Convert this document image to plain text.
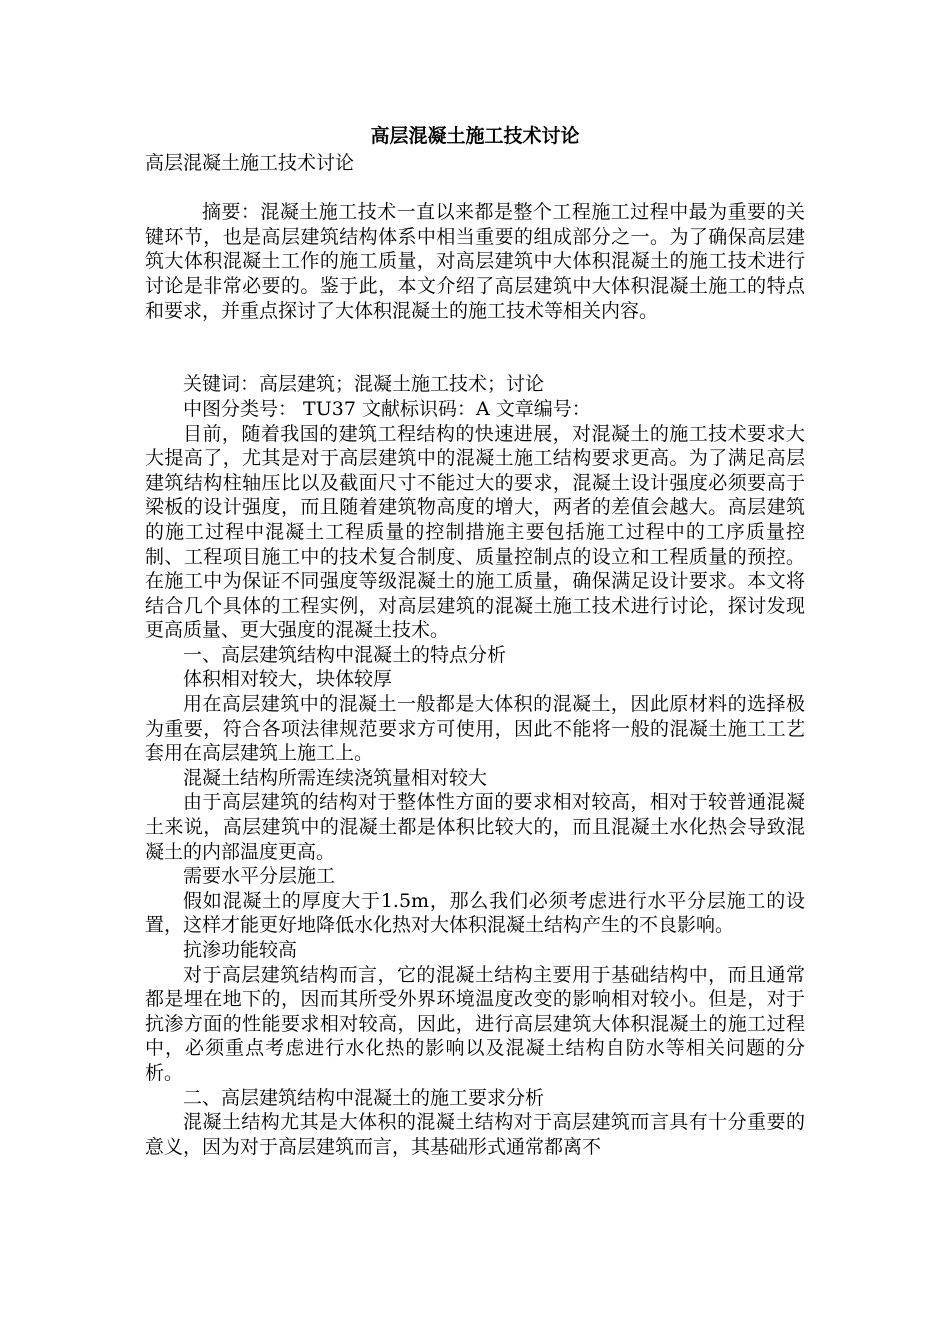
高层混凝土施工技术讨论

高层混凝土施工技术讨论

摘要：混凝土施工技术一直以来都是整个工程施工过程中最为重要的关键环节，也是高层建筑结构体系中相当重要的组成部分之一。为了确保高层建筑大体积混凝土工作的施工质量，对高层建筑中大体积混凝土的施工技术进行讨论是非常必要的。鉴于此，本文介绍了高层建筑中大体积混凝土施工的特点和要求，并重点探讨了大体积混凝土的施工技术等相关内容。

关键词：高层建筑；混凝土施工技术；讨论

中图分类号： TU37 文献标识码：A 文章编号：

目前，随着我国的建筑工程结构的快速进展，对混凝土的施工技术要求大大提高了，尤其是对于高层建筑中的混凝土施工结构要求更高。为了满足高层建筑结构柱轴压比以及截面尺寸不能过大的要求，混凝土设计强度必须要高于梁板的设计强度，而且随着建筑物高度的增大，两者的差值会越大。高层建筑的施工过程中混凝土工程质量的控制措施主要包括施工过程中的工序质量控制、工程项目施工中的技术复合制度、质量控制点的设立和工程质量的预控。在施工中为保证不同强度等级混凝土的施工质量，确保满足设计要求。本文将结合几个具体的工程实例，对高层建筑的混凝土施工技术进行讨论，探讨发现更高质量、更大强度的混凝土技术。

一、高层建筑结构中混凝土的特点分析

体积相对较大，块体较厚

用在高层建筑中的混凝土一般都是大体积的混凝土，因此原材料的选择极为重要，符合各项法律规范要求方可使用，因此不能将一般的混凝土施工工艺套用在高层建筑上施工上。

混凝土结构所需连续浇筑量相对较大

由于高层建筑的结构对于整体性方面的要求相对较高，相对于较普通混凝土来说，高层建筑中的混凝土都是体积比较大的，而且混凝土水化热会导致混凝土的内部温度更高。

需要水平分层施工

假如混凝土的厚度大于1.5m，那么我们必须考虑进行水平分层施工的设置，这样才能更好地降低水化热对大体积混凝土结构产生的不良影响。

抗渗功能较高

对于高层建筑结构而言，它的混凝土结构主要用于基础结构中，而且通常都是埋在地下的，因而其所受外界环境温度改变的影响相对较小。但是，对于抗渗方面的性能要求相对较高，因此，进行高层建筑大体积混凝土的施工过程中，必须重点考虑进行水化热的影响以及混凝土结构自防水等相关问题的分析。

二、高层建筑结构中混凝土的施工要求分析

混凝土结构尤其是大体积的混凝土结构对于高层建筑而言具有十分重要的意义，因为对于高层建筑而言，其基础形式通常都离不
